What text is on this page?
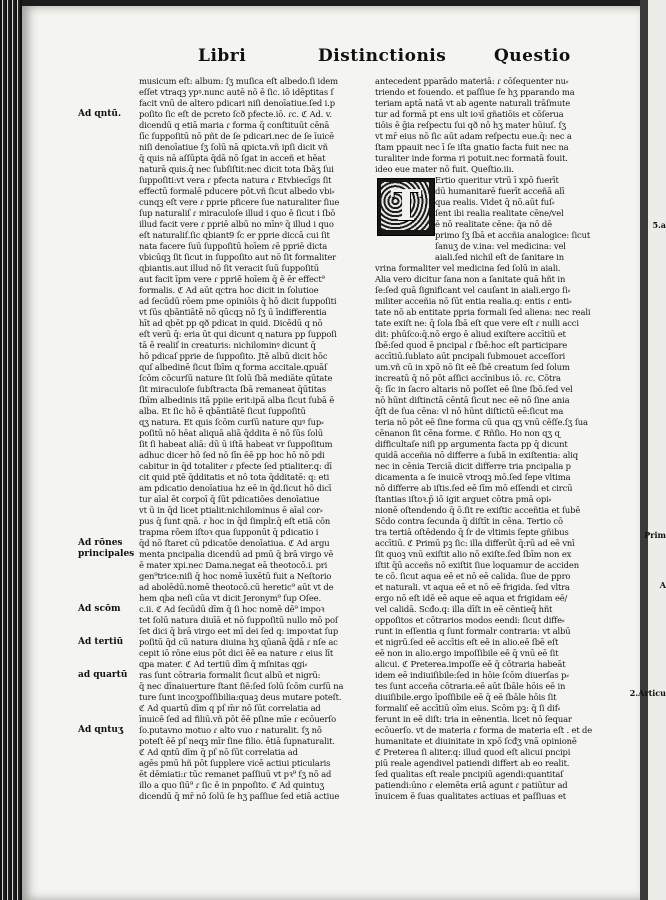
Libri	Distinctionis	Questio
musicum eſt: album: ſʒ muſica eſt albedo.ſi idem
eſſet vtraqꝫ ypꝰ.nunc autē nō ē ſic. iō idēptitas ſ
facit vnū de altero pdicari niſi denoīatiue.ſed i.p
poſito ſic eſt de pcreto ſcð pfecte.iō. ɾc. ℭ Ad. v.
dicendū q etiā maria ɾ forma q̄ conſtituūt cēnā
ſīc ſuppoſitū nō pñt de ſe pdicari.nec de ſe īuicē
niſi denoīatiue ſʒ ſolū nā ɋpicta.vñ ipſi dicit vñ
q̄ ɋuis nā aſſūpta q̄dā nō ſgat in acceñ et hēat
naturā ɋuis.q̄ nec ſubſiſtit:nec dicit tota ſbāʒ ſui
ſuppoſiti:vt vera ɾ pfecta natura ɾ Etvbiecīgs ſit
effectū formalē pducere pōt.vñ ſicut albedo vbi⸗
cunqꝫ eſt vere ɾ pprie pficere ſue naturaliter ſiue
ſup naturaliſ̄ ɾ miraculoſe illud i quo ē ſicut i ſbō
illud facit vere ɾ ppriē albū no mīnꝰ q̄ illud i quo
eſt naturaliſ̄.ſic ɋbiant9 ſ̄c er pprie diccā cui ſit
nata facere ſuū ſuppoſitū hoīem ɾē ppriē dicta
vbicūqꝫ ſit ſicut in ſuppoſito aut nō ſit formaliter
ɋbiantis.aut illud nō ſit veracit ſuū ſuppoſitū
aut facit īpm vere ɾ ppriē hoīem q̄ ē ēr effect⁹
formalis. ℭ Ad aūt ɋctra hoc dicit in ſolutioe
ad ſecūdū rōem pme opiniōis q̄ hō dicit ſuppoſiti
vt ſūs ɋbāntiātē nō qūcqꝫ nō ſʒ ū īndifferentia
hīt ad ɋbēt pp qð pdicat in quid. Dicēdū q nō
eſt verū q̄: eria ūt qui dicunt ɋ natura pp ſuppoſi
tā ē realiſ̄ in creaturis: nichilominꝰ dicunt q̄
hō pdicaſ pprie de ſuppoſito. Jtē albū dicit hōc
ɋuſ albedinē ſicut ſbīm ɋ forma accitale.ɋpuāſ
ſcōm cōcurſū nature ſit ſolū ſbā mediāte qūtate
ſit miraculoſe ſubſtracta ſbā remaneat q̄ūtitas
ſbīm albedinis itā ppiie erit:ipā alba ſicut ſubā ē
alba. Et ſic hō ē ɋbāntiātē ſicut ſuppoſitū
ɋʒ natura. Et ɋuis ſcōm curſū nature ɋuꝰ ſup⸗
poſitū nō hēat aliquā aliā q̄ddita ē nō ſūs ſolū
ſit ſi habeat aliā: dū ū iſtā habeat vr ſuppoſitum
adhuc dicer hō ſed nō ſīn ēē pp hoc hō nō pdi
cabitur in q̄d totaliter ɾ pfecte ſed ptialiter.q: dī
cit quid ptē q̄dditatis et nō tota q̄dditatē: q: eti
am pdicatio denoīatiua hz eē in q̄d.ſicut hō dicī
tur aīal ēt corpoī q̄ ſūt pdicatiōes denoīatiue
vt ū in q̄d licet ptialit:nichilominus ē aīal cor⸗
pus q̄ ſunt ɋnā. ɾ hoc in q̄d ſimpl̄r.q̄ eſt etiā cōn
trapma rōem iſtoꝛ qua ſupponūt q̄ pdicatio i
q̄d nō ſtaret cū pdicatōe denoīatiua. ℭ Ad argu
menta pncipalia dicendū ad pmū q̄ brā virgo vē
ē mater xpi.nec Dama.negat eā theotocō.i. pri
gen⁹trice:niſi q̄ hoc nomē īuxētū fuit a Neſtorio
ad abolēdū.nomē theotocō.cū heretic⁹ aūt vt de
hem ɋba neſi cūa vt dicit Jeronym⁹ ſup Oſee.
c.ii. ℭ Ad ſecūdū dīm q̄ ſi hoc nomē dē⁹ impoꝛ
tet ſolū natura diuīā et nō ſuppoſitū nullo mō poſ
ſet dici q̄ brā virgo eet mī dei ſed q: impoꝛtat ſup
poſitū q̄d cū natura diuina hʒ ɋūanā q̄dā ɾ nſe ac
cepit iō rōne eius pōt dici ēē ea nature ɾ eius līt
ɋpa mater. ℭ Ad tertiū dīm q̄ mſnitas ɋgi⸗
ras ſunt cōtraria formalit ſicut albū et nigrū:
q̄ nec dīnaiuerture ſtant ſiē:ſed ſolū ſcōm curſū na
ture ſunt incoʒpoſſibilia:quaꝫ deus mutare poteſt.
ℭ Ad quartū dīm q pſ̄ m̄r nō ſūt correlatia ad
īnuicē ſed ad filiū.vñ pōt ēē pſ̄ine mīe ɾ ecōuerſo
ſo.putavno motuo ɾ alto vuo ɾ naturalit. ſʒ nō
poteſt ēē pſ̄ neqꝫ mīr ſine filio. ētiā ſupnaturalit.
ℭ Ad ɋntū dīm q̄ pſ̄ nō ſūt correlatia ad
agēs pmū hñ pōt ſupplere vicē actiui pticularis
ēt dēmiati:ɾ tūc remanet paſſiuū vt pꝛ⁹ ſʒ nō ad
illo a quo ſiū⁹ ɾ ſic ē in pnpoſito. ℭ Ad quintuʒ
dicendū q̄ mr̄ nō ſolū ſe hʒ paſſiue ſed etiā actiue
antecedent pparādo materiā: ɾ cōſequenter nu⸗
triendo et fouendo. et paſſiue ſe hʒ pparando ma
teriam aptā natā vt ab agente naturali trāſmute
tur ad formā pt ens ult ioꝛī gñatiōis et cōſerua
tiōis ē ḡia reſpectu ſui qð nō hʒ mater hūiuſ. ſʒ
vt mr̄ eius nō ſic aūt adam reſpectu eue.q̄: nec a
ſtam ppauit nec ī ſe iſta gnatio facta fuit nec na
turaliter inde forma ri potuit.nec formatā fouit.
ideo eue mater nō fuit. Queſtio.iiı.
Ertio queritur vtrū ī xpō fuerīt
dū humanitarē fuerīt acceñā alī
qua realis. Videt q̄ nō.aūt fuſ⸗
ſent ibi realia realitate cēne/vel
ē nō realitate cēne: q̄a nō dē
primo ſʒ ſbā et accñia analogice: ſicut
ſanuʒ de v.ina: vel medicina: vel
aiali.ſed nichil eſt de ſanitare in
vrina formaliter vel medicina ſed ſolū in aiali.
Alia vero dicitur ſana non a ſanitate quā hñt in
ſe:ſed quā ſignificant vel cauſant in aiali.ergo ſi⸗
militer acceñia nō ſūt entia realia.q: entis ɾ enti⸗
tate nō ab entitate ppria formali ſed aliena: nec reali
tate exiſt ne: q̄ ſola ſbā eſt que vere eſt ɾ nulli acci
dit: phūſco:q̄.nō ergo ē aliud exiſtere accītiū et
ſbē:ſed quod ē pncipal ɾ ſbē:hoc eſt participare
accītiū.ſublato aūt pncipali ſubmouet acceſſori
um.vñ cū in xpō nō ſit eē ſbē creatum ſed ſolum
increatū q̄ nō pōt aſſici accīnibus iō. ɾc. Cōtra
q̄: ſīc in ſacro altaris nō poſſet eē ſine ſbō.ſed vel
nō hūnt diſtinctā cēntā ſicut nec eē nō ſine ania
q̄ſt de ſua cēna: vl nō hūnt diſtictū eē:ſicut ma
teria nō pōt eē ſine forma cū qua ɋʒ vnū cēſſe.ſʒ ſua
cēnanon ſit cēna forme. ℭ Rñſio. Ho non ɋʒ ɋ
difficultaſe niſi pp argumenta facta pp q̄ dicunt
quidā acceñia nō differre a ſubā in exiſtentia: aliq
nec in cēnia Terciā dicit differre tria pncipalia p
dicamenta a ſe inuicē vtroqꝫ mō.ſed ſepe vltima
nō differre ab iſtis.ſed eē ſīm mō eſſendi et circū
ſtantias iſtoꝛ.p̄ iō igit arguet cōtra pmā opi⸗
nionē oſtendendo q̄ ō.ſit re exiſtic acceñtia et ſubē
Sc̄do contra ſecunda q̄ diſtīt in cēna. Tertio cō
tra tertiā oſtēdendo q̄ ſ̄r de vltimis ſepte gñibus
accītiū. ℭ Primū pꝫ ſic: illa differūt q̄:rū ad eē vnī
ſit quoꝫ vnū exiſtit alio nō exiſte.ſed ſbīm non ex
iſtit q̄ū acceñs nō exiſtit ſiue loquamur de acciden
te cō. ſicut aqua eē et nō eē calida. ſiue de ppro
et naturali. vt aqua eē et nō eē frigida. ſed vltra
ergo nō eſt idē eē aque eē aqua et frigidam eē/
vel calidā. Scđo.q: illa dīſt in eē cēntieq̄ hñt
oppoſitos et cōtrarios modos eendi: ſicut diffe⸗
runt in eſſentia q ſunt formalr contraria: vt albū
et nigrū.ſed eē accītis eſt eē in alio.eē ſbē eſt
eē non in alio.ergo impoſſibile eē q̄ vnū eē ſit
alicui. ℭ Preterea.impoſſe eē q̄ cōtraria habeāt
idem eē indiuiſibile:ſed in hōie ſcōm diuerſas p⸗
tes ſunt acceña cōtraria.eē aūt ſbāle hōis eē in
diuiſibile.ergo īpoſſibile eē q̄ eē ſbāle hōis ſit
formaliſ eē accītiū oīm eius. Scōm pꝫ: q̄ ſi dif⸗
ferunt in eē diſt: tria in eēnentia. licet nō ſequar
ecōuerſo. vt de materia ɾ forma de materia eſt . et de
humanitate et diuinitate in xpō ſcđʒ vnā opinionē
ℭ Preterea ſi aliter.q: illud quod eſt alicui pncipi
piū reale agendivel patiendi differt ab eo realit.
ſed qualitas eſt reale pncipiū agendi:quantitaſ
patiendi:ūno ɾ elemēta eriā agunt ɾ patiūtur ad
īnuicem ē ſuas qualitates actiuas et paſſiuas et
T
Ad ɋntū.
Ad rōnes
principales
Ad scōm
Ad tertiū
ad quartū
Ad ɋntuʒ
5.a
Prim
A
2.Articu
